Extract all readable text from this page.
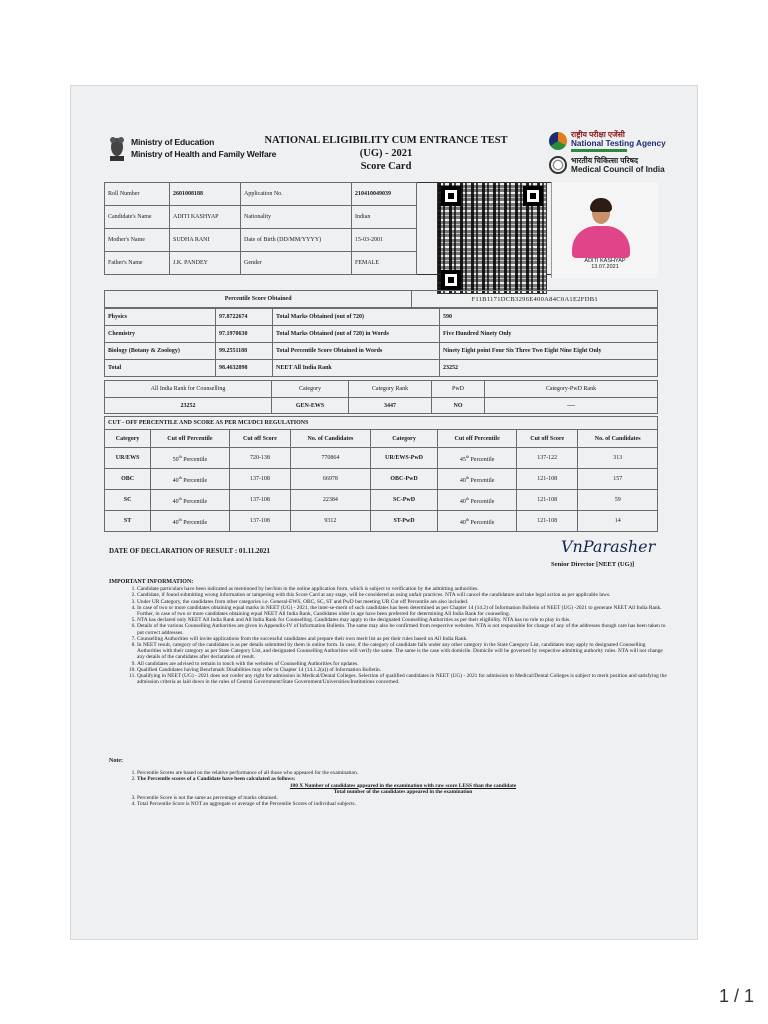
Ministry of Education
Ministry of Health and Family Welfare
NATIONAL ELIGIBILITY CUM ENTRANCE TEST
(UG) - 2021
Score Card
राष्ट्रीय परीक्षा एजेंसी
National Testing Agency
भारतीय चिकित्सा परिषद
Medical Council of India
Roll Number	2601008188	Application No.	210410049039	
Candidate's Name	ADITI KASHYAP	Nationality	Indian	
Mother's Name	SUDHA RANI	Date of Birth (DD/MM/YYYY)	15-03-2001	
Father's Name	J.K. PANDEY	Gender	FEMALE		ADITI KASHYAP
13.07.2021
Percentile Score Obtained	F11B1171DCB3296E400A84C0A1E2FDB1
Physics	97.8722674	Total Marks Obtained (out of 720)	590
Chemistry	97.1970630	Total Marks Obtained (out of 720) in Words	Five Hundred Ninety Only
Biology (Botany & Zoology)	99.2551188	Total Percentile Score Obtained in Words	Ninety Eight point Four Six Three Two Eight Nine Eight Only
Total	98.4632898	NEET All India Rank	23252
All India Rank for Counselling	Category	Category Rank	PwD	Category-PwD Rank
23252	GEN-EWS	3447	NO	----
CUT - OFF PERCENTILE AND SCORE AS PER MCI/DCI REGULATIONS							
Category	Cut off Percentile	Cut off Score	No. of Candidates	Category	Cut off Percentile	Cut off Score	No. of Candidates
UR/EWS	50th Percentile	720-138	770864	UR/EWS-PwD	45th Percentile	137-122	313
OBC	40th Percentile	137-108	66978	OBC-PwD	40th Percentile	121-108	157
SC	40th Percentile	137-108	22384	SC-PwD	40th Percentile	121-108	59
ST	40th Percentile	137-108	9312	ST-PwD	40th Percentile	121-108	14
DATE OF DECLARATION OF RESULT : 01.11.2021	VnParasher
Senior Director [NEET (UG)]
IMPORTANT INFORMATION:
1. Candidate particulars have been indicated as mentioned by her/him in the online application form, which is subject to verification by the admitting authorities.
2. Candidate, if found submitting wrong information or tampering with this Score Card at any stage, will be considered as using unfair practices. NTA will cancel the candidature and take legal action as per applicable laws.
3. Under UR Category, the candidates from other categories i.e. General-EWS, OBC, SC, ST and PwD but meeting UR Cut off Percentile are also included.
4. In case of two or more candidates obtaining equal marks in NEET (UG) - 2021, the inter-se-merit of such candidates has been determined as per Chapter 14 (14.2) of Information Bulletin of NEET (UG) -2021 to generate NEET All India Rank. Further, in case of two or more candidates obtaining equal NEET All India Rank, Candidates older in age have been preferred for determining All India Rank for counseling.
5. NTA has declared only NEET All India Rank and All India Rank for Counselling. Candidates may apply to the designated Counselling Authorities as per their eligibility. NTA has no role to play in this.
6. Details of the various Counselling Authorities are given in Appendix-IV of Information Bulletin. The same may also be confirmed from respective websites. NTA is not responsible for change of any of the addresses though care has been taken to put correct addresses.
7. Counselling Authorities will invite applications from the successful candidates and prepare their own merit list as per their rules based on All India Rank.
8. In NEET result, category of the candidates is as per details submitted by them in online form. In case, if the category of candidate falls under any other category in the State Category List, candidates may apply to designated Counselling Authorities with their category as per State Category List, and designated Counselling Authorities will verify the same. The same is the case with domicile. Domicile will be governed by respective admitting authority rules. NTA will not change any details of the candidates after declaration of result.
9. All candidates are advised to remain in touch with the websites of Counselling Authorities for updates.
10. Qualified Candidates having Benchmark Disabilities may refer to Chapter 14 (14.1.2(a)) of Information Bulletin.
11. Qualifying in NEET (UG) - 2021 does not confer any right for admission in Medical/Dental Colleges. Selection of qualified candidates in NEET (UG) - 2021 for admission to Medical/Dental Colleges is subject to merit position and satisfying the admission criteria as laid down in the rules of Central Government/State Government/Universities/Institutions concerned.
Note:
1. Percentile Scores are based on the relative performance of all those who appeared for the examination.
2. The Percentile scores of a Candidate have been calculated as follows:
100 X Number of candidates appeared in the examination with raw score LESS than the candidate
Total number of the candidates appeared in the examination
3. Percentile Score is not the same as percentage of marks obtained.
4. Total Percentile Score is NOT an aggregate or average of the Percentile Scores of individual subjects.
1 / 1
